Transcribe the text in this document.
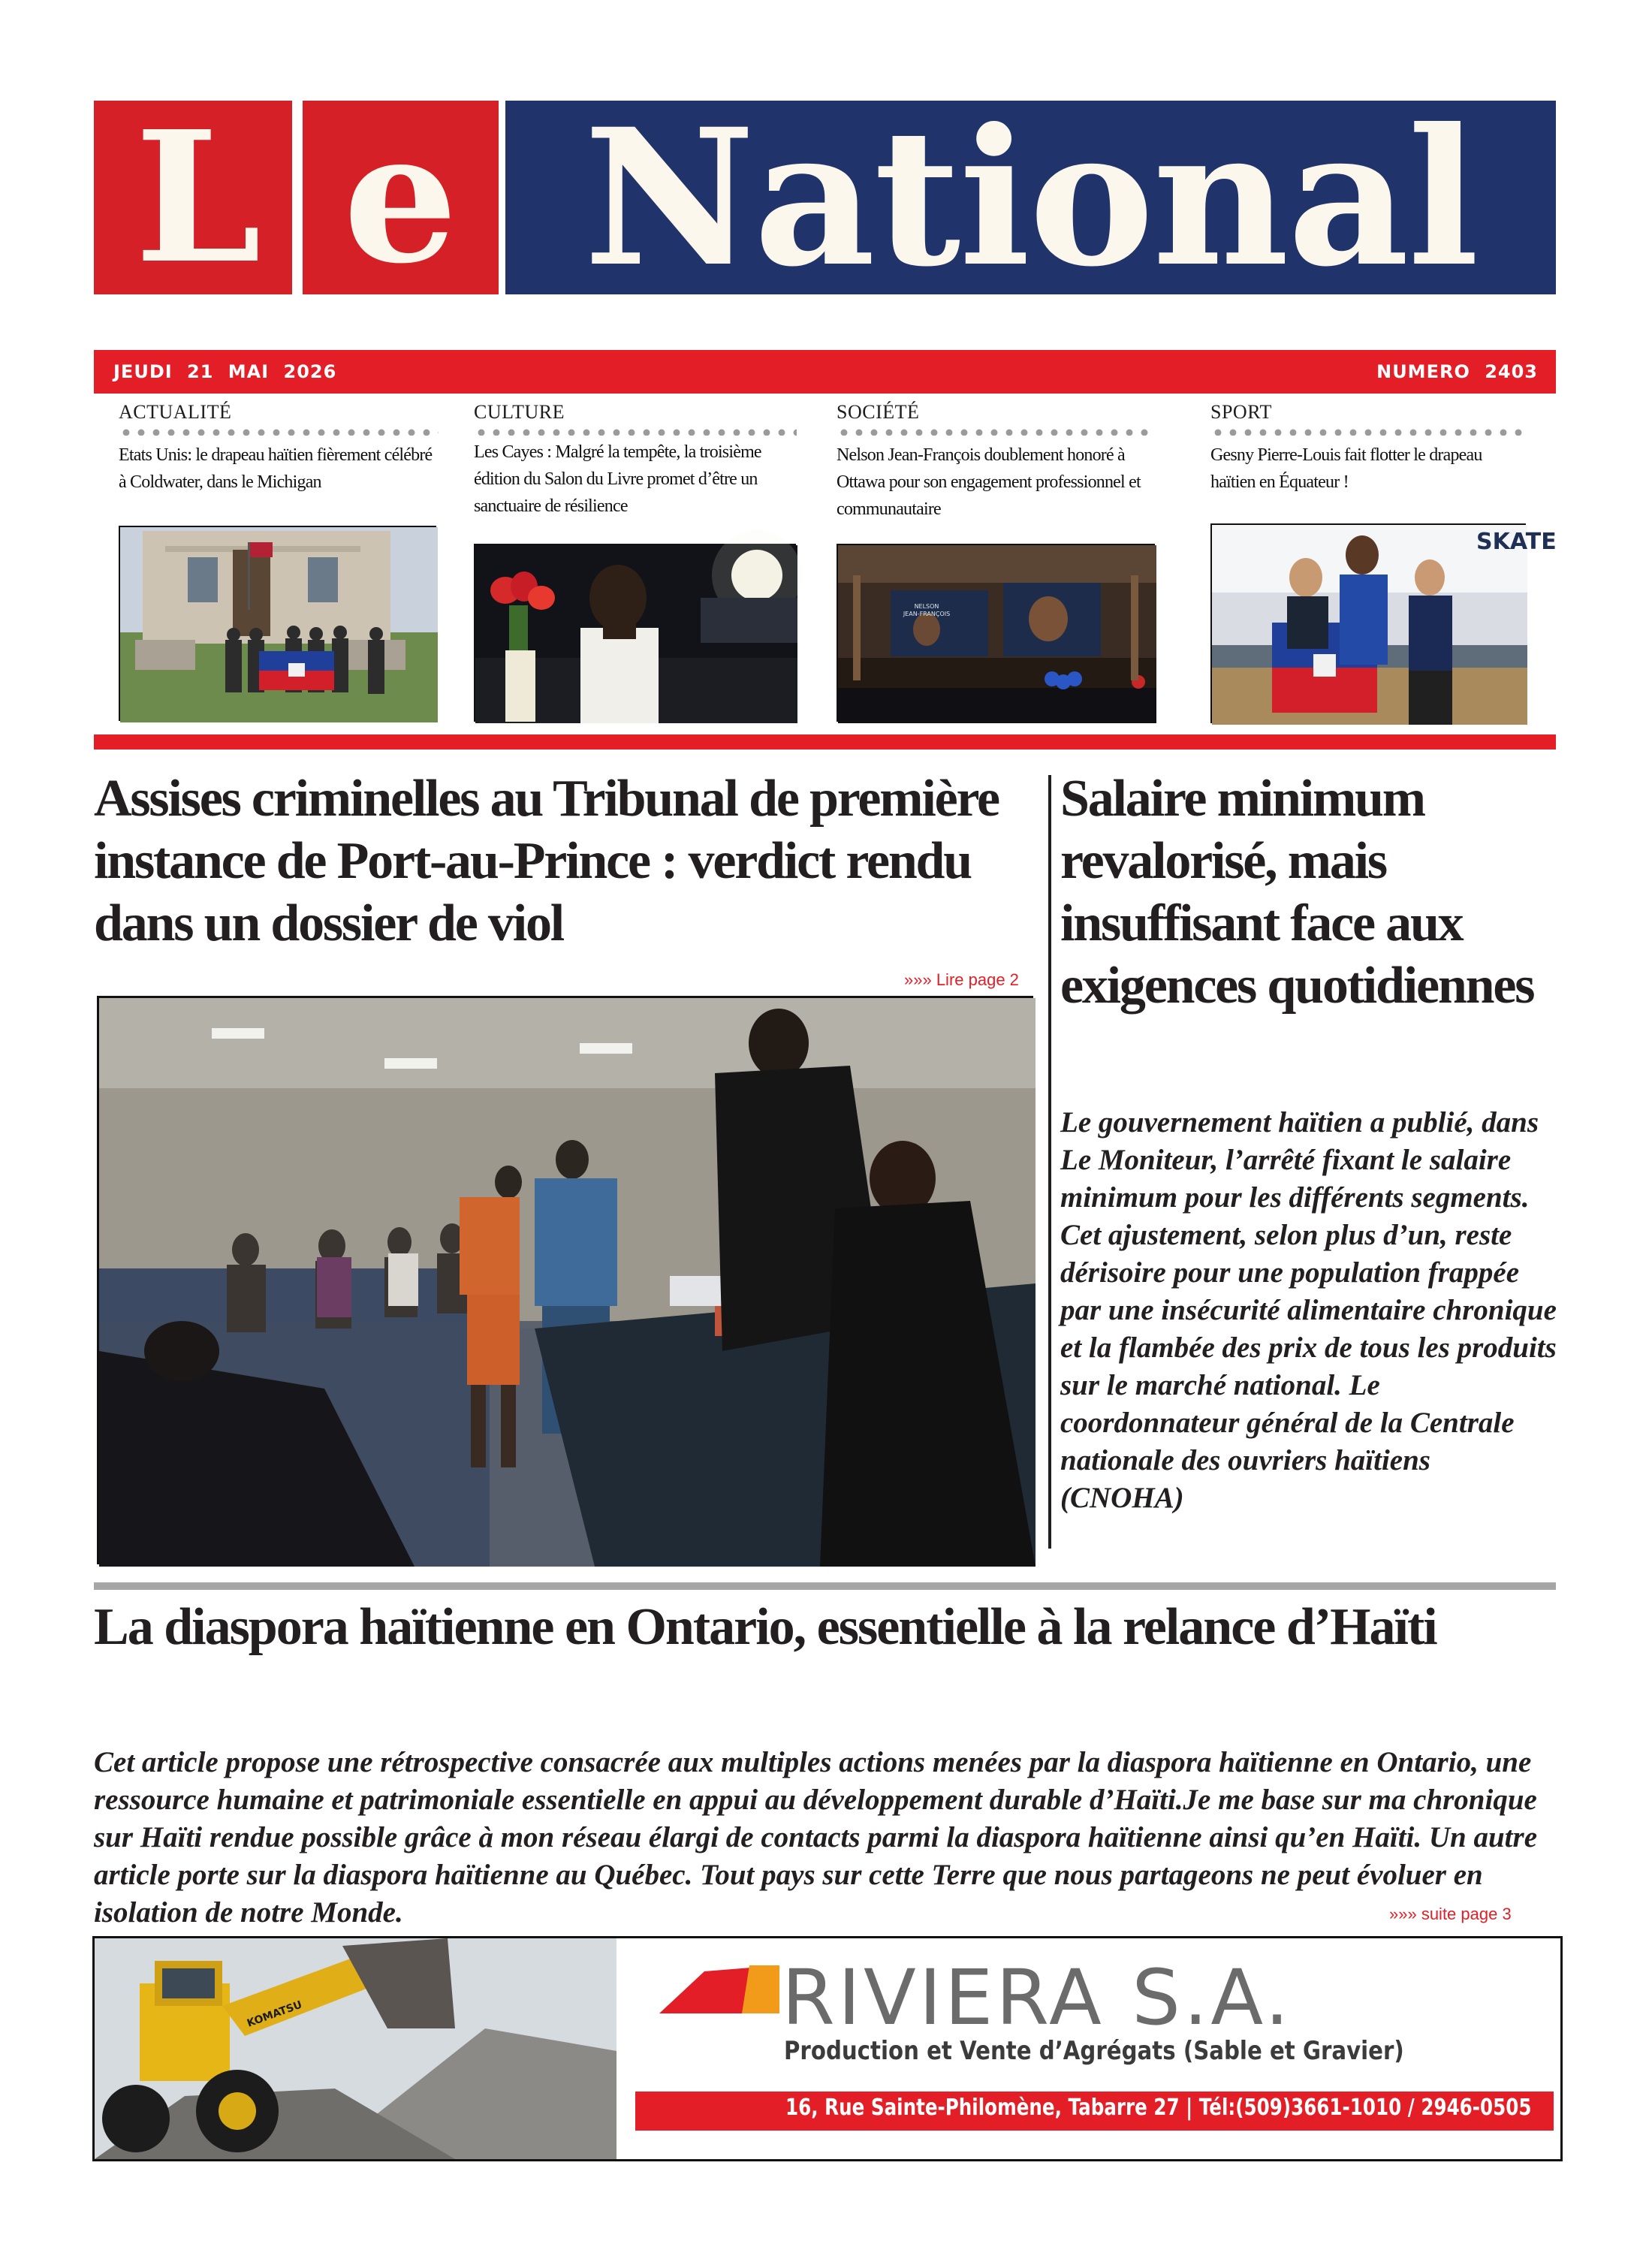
L e National
JEUDI 21 MAI 2026	NUMERO 2403
ACTUALITÉ
Etats Unis: le drapeau haïtien fièrement célébré à Coldwater, dans le Michigan
CULTURE
Les Cayes : Malgré la tempête, la troisième édition du Salon du Livre promet d’être un sanctuaire de résilience
SOCIÉTÉ
Nelson Jean-François doublement honoré à Ottawa pour son engagement professionnel et communautaire
SPORT
Gesny Pierre-Louis fait flotter le drapeau haïtien en Équateur !
NELSON
JEAN-FRANÇOIS
SKATE
Assises criminelles au Tribunal de première instance de Port-au-Prince : verdict rendu dans un dossier de viol
»»» Lire page 2
Salaire minimum revalorisé, mais insuffisant face aux exigences quotidiennes
Le gouvernement haïtien a publié, dans Le Moniteur, l’arrêté fixant le salaire minimum pour les différents segments. Cet ajustement, selon plus d’un, reste dérisoire pour une population frappée par une insécurité alimentaire chronique et la flambée des prix de tous les produits sur le marché national. Le coordonnateur général de la Centrale nationale des ouvriers haïtiens (CNOHA)
La diaspora haïtienne en Ontario, essentielle à la relance d’Haïti
Cet article propose une rétrospective consacrée aux multiples actions menées par la diaspora haïtienne en Ontario, une ressource humaine et patrimoniale essentielle en appui au développement durable d’Haïti.Je me base sur ma chronique sur Haïti rendue possible grâce à mon réseau élargi de contacts parmi la diaspora haïtienne ainsi qu’en Haïti. Un autre article porte sur la diaspora haïtienne au Québec. Tout pays sur cette Terre que nous partageons ne peut évoluer en isolation de notre Monde.	»»» suite page 3
KOMATSU	RIVIERA S.A.
Production et Vente d’Agrégats (Sable et Gravier)
16, Rue Sainte-Philomène, Tabarre 27 | Tél:(509)3661-1010 / 2946-0505
